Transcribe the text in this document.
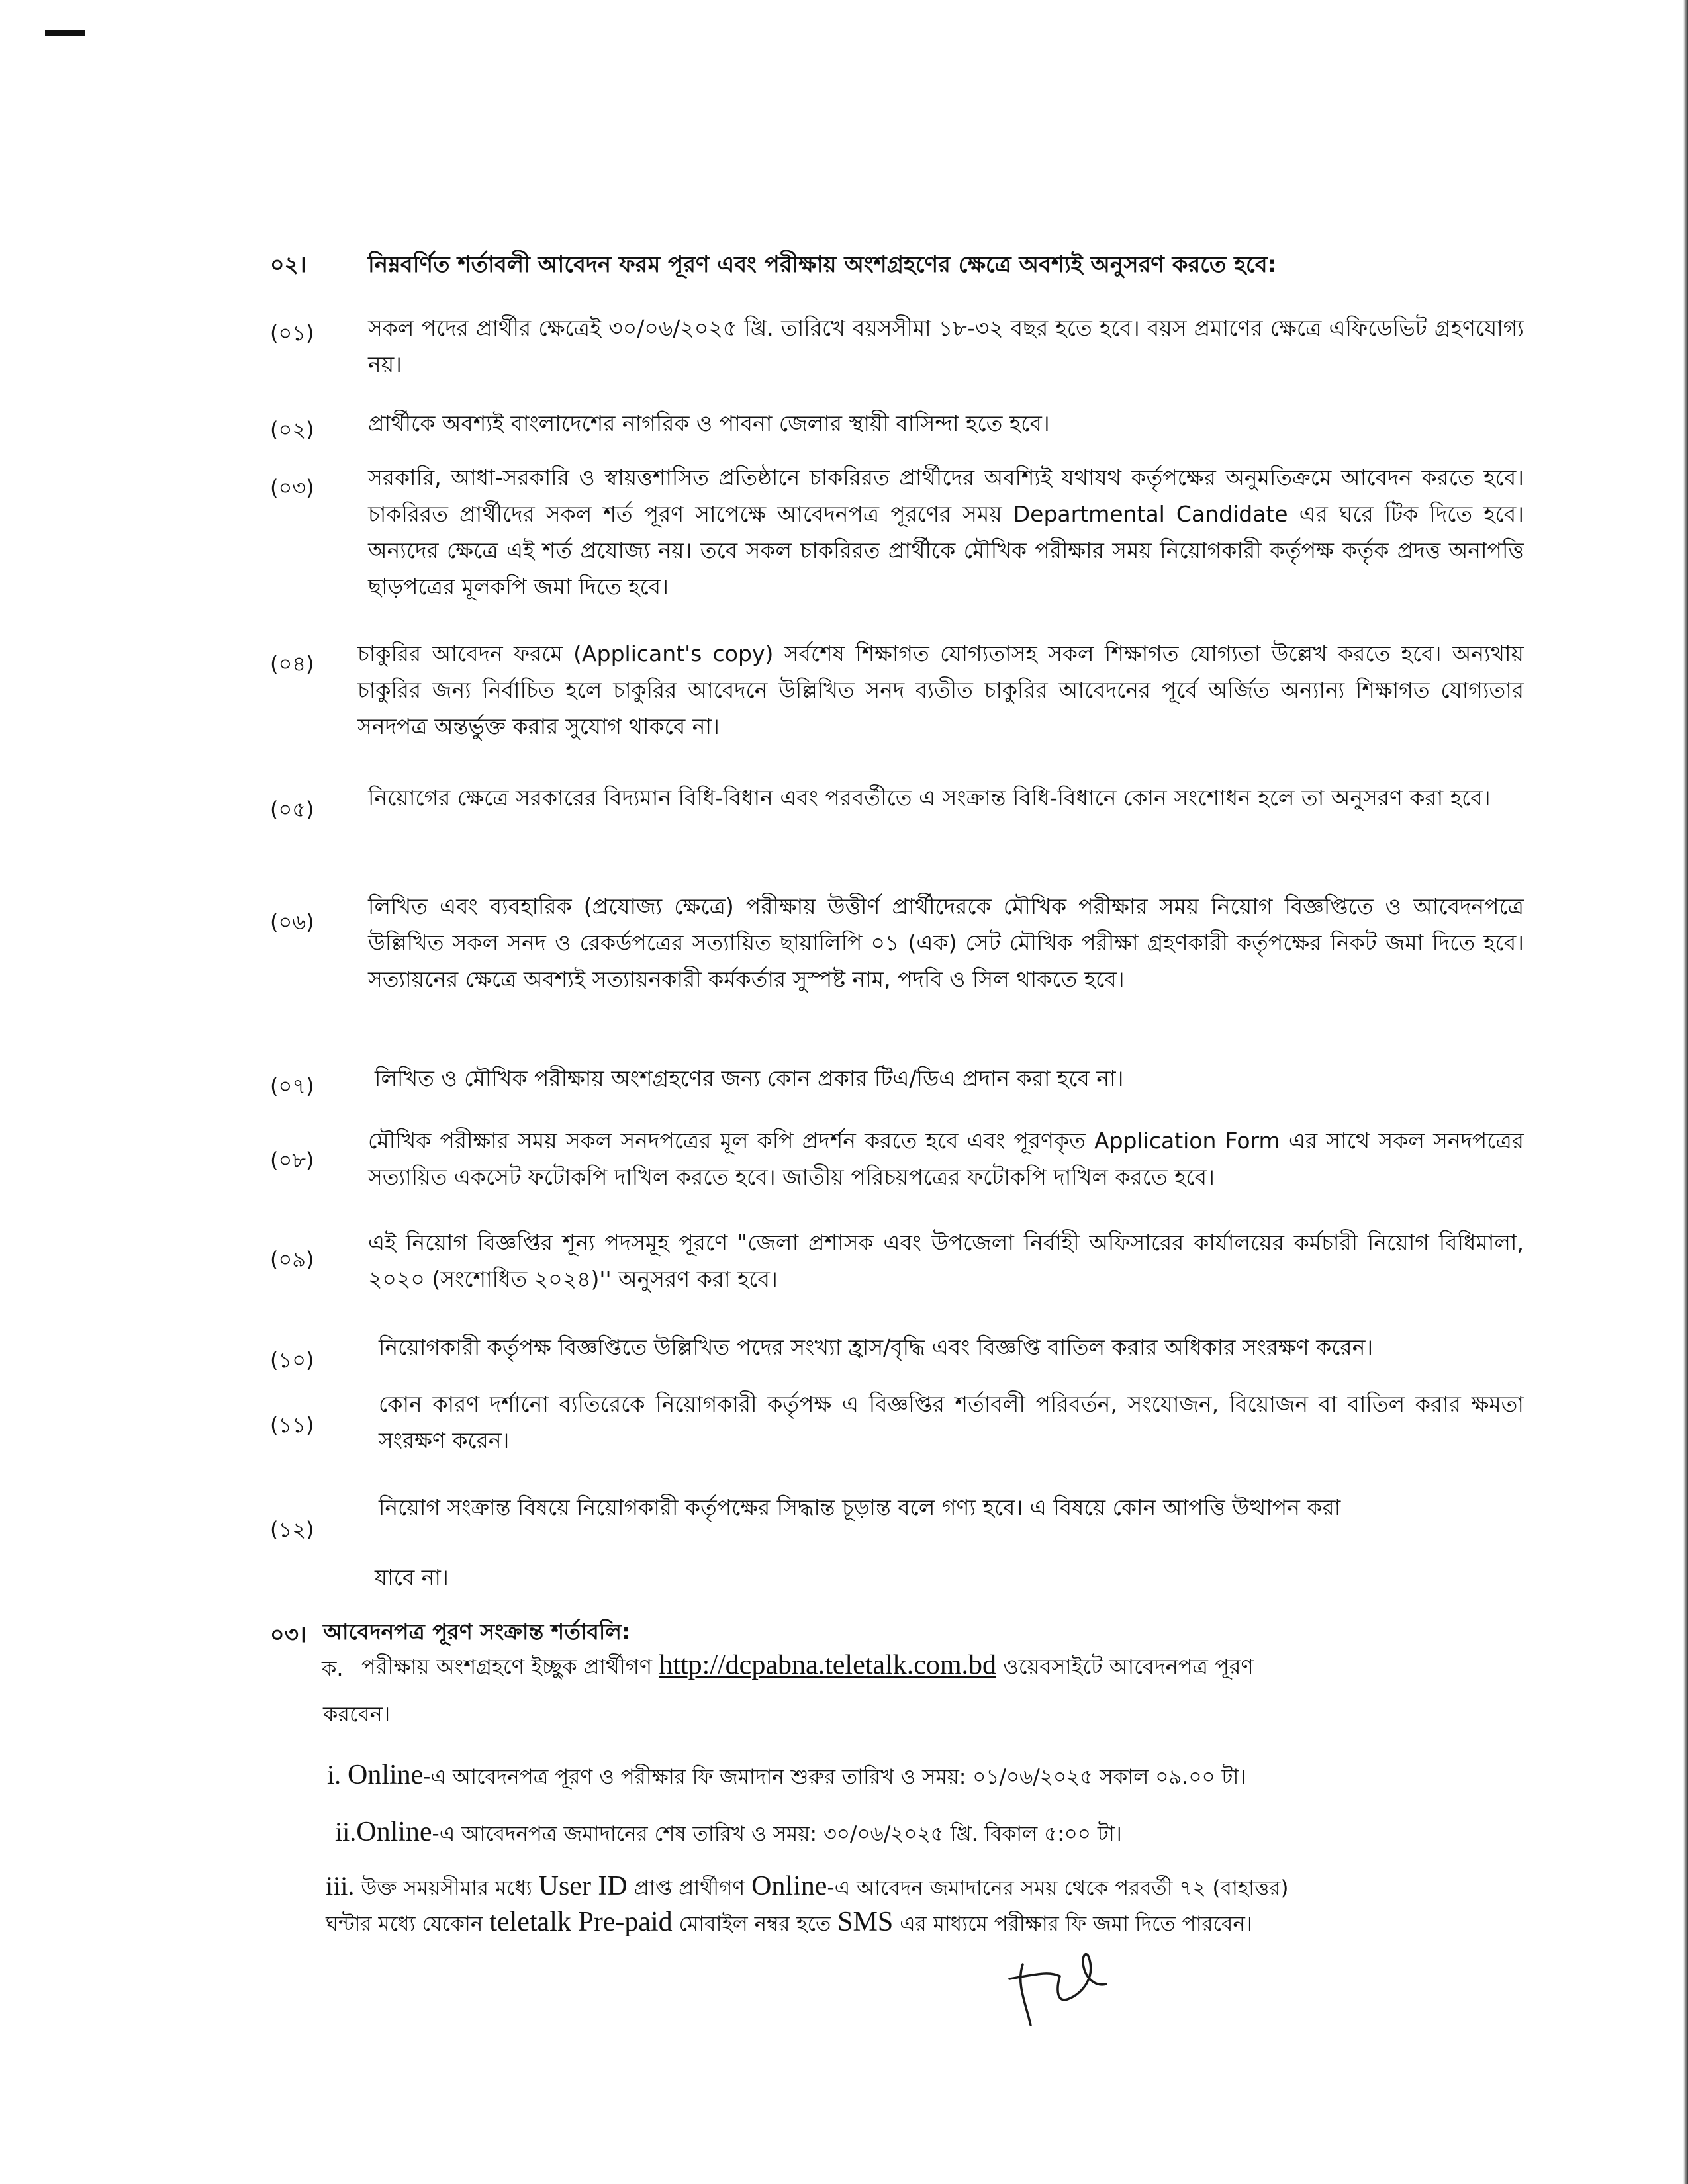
০২।	নিম্নবর্ণিত শর্তাবলী আবেদন ফরম পূরণ এবং পরীক্ষায় অংশগ্রহণের ক্ষেত্রে অবশ্যই অনুসরণ করতে হবে:
(০১) সকল পদের প্রার্থীর ক্ষেত্রেই ৩০/০৬/২০২৫ খ্রি. তারিখে বয়সসীমা ১৮-৩২ বছর হতে হবে। বয়স প্রমাণের ক্ষেত্রে এফিডেভিট গ্রহণযোগ্য নয়।
(০২) প্রার্থীকে অবশ্যই বাংলাদেশের নাগরিক ও পাবনা জেলার স্থায়ী বাসিন্দা হতে হবে।
(০৩) সরকারি, আধা-সরকারি ও স্বায়ত্তশাসিত প্রতিষ্ঠানে চাকরিরত প্রার্থীদের অবশ্যিই যথাযথ কর্তৃপক্ষের অনুমতিক্রমে আবেদন করতে হবে। চাকরিরত প্রার্থীদের সকল শর্ত পূরণ সাপেক্ষে আবেদনপত্র পূরণের সময় Departmental Candidate এর ঘরে টিক দিতে হবে। অন্যদের ক্ষেত্রে এই শর্ত প্রযোজ্য নয়। তবে সকল চাকরিরত প্রার্থীকে মৌখিক পরীক্ষার সময় নিয়োগকারী কর্তৃপক্ষ কর্তৃক প্রদত্ত অনাপত্তি ছাড়পত্রের মূলকপি জমা দিতে হবে।
(০৪) চাকুরির আবেদন ফরমে (Applicant's copy) সর্বশেষ শিক্ষাগত যোগ্যতাসহ সকল শিক্ষাগত যোগ্যতা উল্লেখ করতে হবে। অন্যথায় চাকুরির জন্য নির্বাচিত হলে চাকুরির আবেদনে উল্লিখিত সনদ ব্যতীত চাকুরির আবেদনের পূর্বে অর্জিত অন্যান্য শিক্ষাগত যোগ্যতার সনদপত্র অন্তর্ভুক্ত করার সুযোগ থাকবে না।
(০৫) নিয়োগের ক্ষেত্রে সরকারের বিদ্যমান বিধি-বিধান এবং পরবর্তীতে এ সংক্রান্ত বিধি-বিধানে কোন সংশোধন হলে তা অনুসরণ করা হবে।
(০৬)
লিখিত এবং ব্যবহারিক (প্রযোজ্য ক্ষেত্রে) পরীক্ষায় উত্তীর্ণ প্রার্থীদেরকে মৌখিক পরীক্ষার সময় নিয়োগ বিজ্ঞপ্তিতে ও আবেদনপত্রে উল্লিখিত সকল সনদ ও রেকর্ডপত্রের সত্যায়িত ছায়ালিপি ০১ (এক) সেট মৌখিক পরীক্ষা গ্রহণকারী কর্তৃপক্ষের নিকট জমা দিতে হবে। সত্যায়নের ক্ষেত্রে অবশ্যই সত্যায়নকারী কর্মকর্তার সুস্পষ্ট নাম, পদবি ও সিল থাকতে হবে।
(০৭)	লিখিত ও মৌখিক পরীক্ষায় অংশগ্রহণের জন্য কোন প্রকার টিএ/ডিএ প্রদান করা হবে না।
(০৮)
মৌখিক পরীক্ষার সময় সকল সনদপত্রের মূল কপি প্রদর্শন করতে হবে এবং পূরণকৃত Application Form এর সাথে সকল সনদপত্রের সত্যায়িত একসেট ফটোকপি দাখিল করতে হবে। জাতীয় পরিচয়পত্রের ফটোকপি দাখিল করতে হবে।
(০৯)
এই নিয়োগ বিজ্ঞপ্তির শূন্য পদসমূহ পূরণে "জেলা প্রশাসক এবং উপজেলা নির্বাহী অফিসারের কার্যালয়ের কর্মচারী নিয়োগ বিধিমালা, ২০২০ (সংশোধিত ২০২৪)'' অনুসরণ করা হবে।
(১০)	নিয়োগকারী কর্তৃপক্ষ বিজ্ঞপ্তিতে উল্লিখিত পদের সংখ্যা হ্রাস/বৃদ্ধি এবং বিজ্ঞপ্তি বাতিল করার অধিকার সংরক্ষণ করেন।
(১১)
কোন কারণ দর্শানো ব্যতিরেকে নিয়োগকারী কর্তৃপক্ষ এ বিজ্ঞপ্তির শর্তাবলী পরিবর্তন, সংযোজন, বিয়োজন বা বাতিল করার ক্ষমতা সংরক্ষণ করেন।
(১২)
নিয়োগ সংক্রান্ত বিষয়ে নিয়োগকারী কর্তৃপক্ষের সিদ্ধান্ত চূড়ান্ত বলে গণ্য হবে। এ বিষয়ে কোন আপত্তি উত্থাপন করা
যাবে না।
০৩। আবেদনপত্র পূরণ সংক্রান্ত শর্তাবলি:
ক. পরীক্ষায় অংশগ্রহণে ইচ্ছুক প্রার্থীগণ http://dcpabna.teletalk.com.bd ওয়েবসাইটে আবেদনপত্র পূরণ
করবেন।
i. Online-এ আবেদনপত্র পূরণ ও পরীক্ষার ফি জমাদান শুরুর তারিখ ও সময়: ০১/০৬/২০২৫ সকাল ০৯.০০ টা।
ii.Online-এ আবেদনপত্র জমাদানের শেষ তারিখ ও সময়: ৩০/০৬/২০২৫ খ্রি. বিকাল ৫:০০ টা।
iii. উক্ত সময়সীমার মধ্যে User ID প্রাপ্ত প্রার্থীগণ Online-এ আবেদন জমাদানের সময় থেকে পরবর্তী ৭২ (বাহাত্তর)
ঘন্টার মধ্যে যেকোন teletalk Pre-paid মোবাইল নম্বর হতে SMS এর মাধ্যমে পরীক্ষার ফি জমা দিতে পারবেন।
